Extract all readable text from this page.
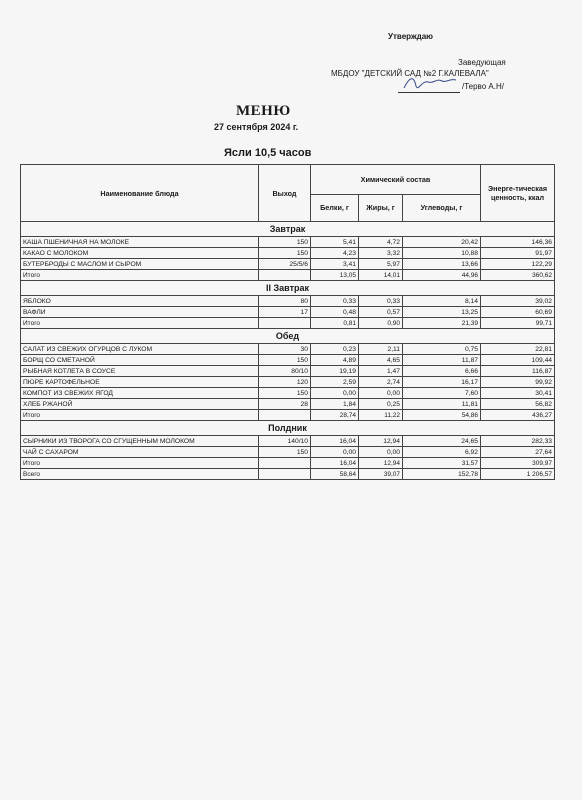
Утверждаю
Заведующая
МБДОУ "ДЕТСКИЙ САД №2 Г.КАЛЕВАЛА"
/Терво А.Н/
МЕНЮ
27 сентября 2024 г.
Ясли 10,5 часов
Наименование блюда	Выход	Химический состав			Энерге-тическая ценность, ккал
		Белки, г	Жиры, г	Углеводы, г	
Завтрак					
КАША ПШЕНИЧНАЯ НА МОЛОКЕ	150	5,41	4,72	20,42	146,36
КАКАО С МОЛОКОМ	150	4,23	3,32	10,88	91,97
БУТЕРБРОДЫ С МАСЛОМ И СЫРОМ	25/5/6	3,41	5,97	13,66	122,29
Итого		13,05	14,01	44,96	360,62
II Завтрак					
ЯБЛОКО	80	0,33	0,33	8,14	39,02
ВАФЛИ	17	0,48	0,57	13,25	60,69
Итого		0,81	0,90	21,39	99,71
Обед					
САЛАТ ИЗ СВЕЖИХ ОГУРЦОВ С ЛУКОМ	30	0,23	2,11	0,75	22,81
БОРЩ СО СМЕТАНОЙ	150	4,89	4,65	11,87	109,44
РЫБНАЯ КОТЛЕТА В СОУСЕ	80/10	19,19	1,47	6,66	116,87
ПЮРЕ КАРТОФЕЛЬНОЕ	120	2,59	2,74	16,17	99,92
КОМПОТ ИЗ СВЕЖИХ ЯГОД	150	0,00	0,00	7,60	30,41
ХЛЕБ РЖАНОЙ	28	1,84	0,25	11,81	56,82
Итого		28,74	11,22	54,86	436,27
Полдник					
СЫРНИКИ ИЗ ТВОРОГА СО СГУЩЕННЫМ МОЛОКОМ	140/10	16,04	12,94	24,65	282,33
ЧАЙ С САХАРОМ	150	0,00	0,00	6,92	27,64
Итого		16,04	12,94	31,57	309,97
Всего		58,64	39,07	152,78	1 206,57
